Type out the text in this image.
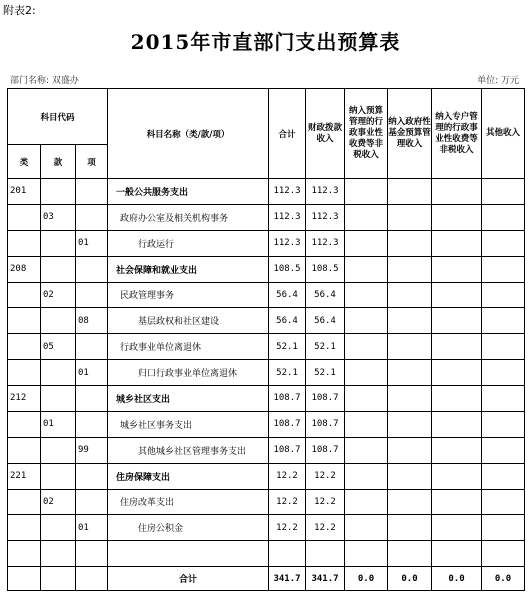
附表2:
2015年市直部门支出预算表
部门名称: 双盛办	单位: 万元
科目代码			科目名称（类/款/项）	合计	财政拨款收入	纳入预算管理的行政事业性收费等非税收入	纳入政府性基金预算管理收入	纳入专户管理的行政事业性收费等非税收入	其他收入
类	款	项							
201			一般公共服务支出	112.3	112.3				
	03		政府办公室及相关机构事务	112.3	112.3				
		01	行政运行	112.3	112.3				
208			社会保障和就业支出	108.5	108.5				
	02		民政管理事务	56.4	56.4				
		08	基层政权和社区建设	56.4	56.4				
	05		行政事业单位离退休	52.1	52.1				
		01	归口行政事业单位离退休	52.1	52.1				
212			城乡社区支出	108.7	108.7				
	01		城乡社区事务支出	108.7	108.7				
		99	其他城乡社区管理事务支出	108.7	108.7				
221			住房保障支出	12.2	12.2				
	02		住房改革支出	12.2	12.2				
		01	住房公积金	12.2	12.2				

			合计	341.7	341.7	0.0	0.0	0.0	0.0
